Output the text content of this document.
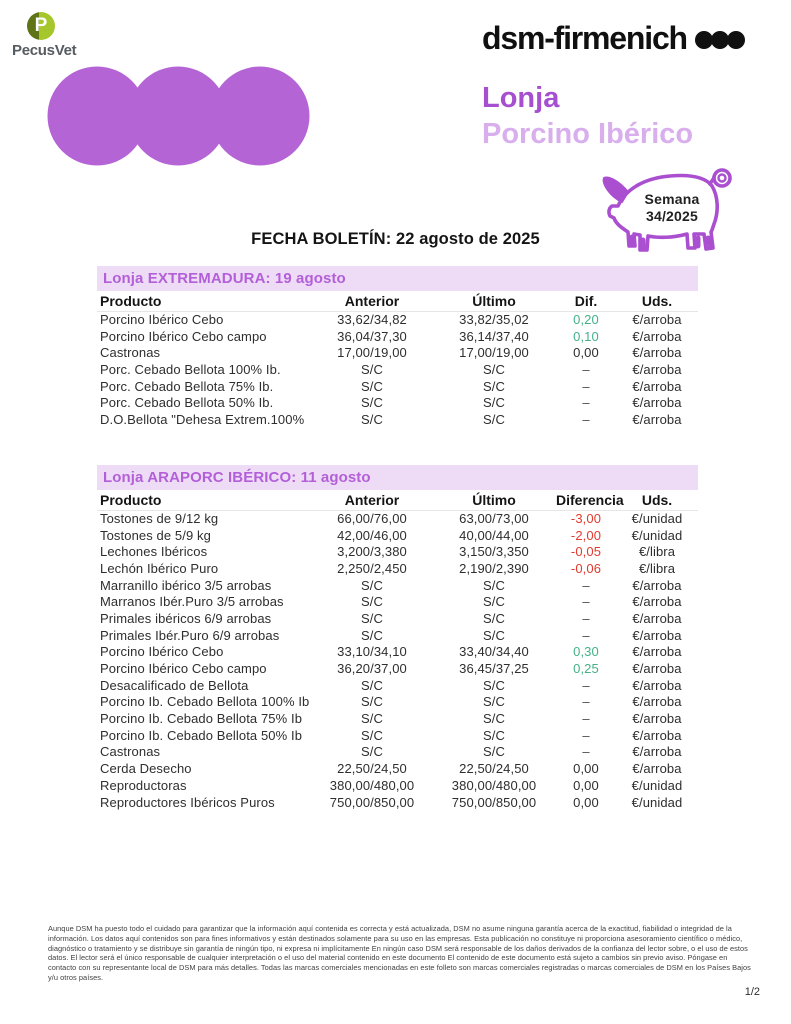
P
PecusVet	dsm-firmenich
Lonja
Porcino Ibérico
Semana
34/2025
FECHA BOLETÍN: 22 agosto de 2025
Lonja EXTREMADURA: 19 agosto
Producto	Anterior	Último	Dif.	Uds.
Porcino Ibérico Cebo	33,62/34,82	33,82/35,02	0,20	€/arroba
Porcino Ibérico Cebo campo	36,04/37,30	36,14/37,40	0,10	€/arroba
Castronas	17,00/19,00	17,00/19,00	0,00	€/arroba
Porc. Cebado Bellota 100% Ib.	S/C	S/C	–	€/arroba
Porc. Cebado Bellota 75% Ib.	S/C	S/C	–	€/arroba
Porc. Cebado Bellota 50% Ib.	S/C	S/C	–	€/arroba
D.O.Bellota "Dehesa Extrem.100%	S/C	S/C	–	€/arroba
Lonja ARAPORC IBÉRICO: 11 agosto
Producto	Anterior	Último	Diferencia	Uds.
Tostones de 9/12 kg	66,00/76,00	63,00/73,00	-3,00	€/unidad
Tostones de 5/9 kg	42,00/46,00	40,00/44,00	-2,00	€/unidad
Lechones Ibéricos	3,200/3,380	3,150/3,350	-0,05	€/libra
Lechón Ibérico Puro	2,250/2,450	2,190/2,390	-0,06	€/libra
Marranillo ibérico 3/5 arrobas	S/C	S/C	–	€/arroba
Marranos Ibér.Puro 3/5 arrobas	S/C	S/C	–	€/arroba
Primales ibéricos 6/9 arrobas	S/C	S/C	–	€/arroba
Primales Ibér.Puro 6/9 arrobas	S/C	S/C	–	€/arroba
Porcino Ibérico Cebo	33,10/34,10	33,40/34,40	0,30	€/arroba
Porcino Ibérico Cebo campo	36,20/37,00	36,45/37,25	0,25	€/arroba
Desacalificado de Bellota	S/C	S/C	–	€/arroba
Porcino Ib. Cebado Bellota 100% Ib	S/C	S/C	–	€/arroba
Porcino Ib. Cebado Bellota 75% Ib	S/C	S/C	–	€/arroba
Porcino Ib. Cebado Bellota 50% Ib	S/C	S/C	–	€/arroba
Castronas	S/C	S/C	–	€/arroba
Cerda Desecho	22,50/24,50	22,50/24,50	0,00	€/arroba
Reproductoras	380,00/480,00	380,00/480,00	0,00	€/unidad
Reproductores Ibéricos Puros	750,00/850,00	750,00/850,00	0,00	€/unidad
Aunque DSM ha puesto todo el cuidado para garantizar que la información aquí contenida es correcta y está actualizada, DSM no asume ninguna garantía acerca de la exactitud, fiabilidad o integridad de la información. Los datos aquí contenidos son para fines informativos y están destinados solamente para su uso en las empresas. Esta publicación no constituye ni proporciona asesoramiento científico o médico, diagnóstico o tratamiento y se distribuye sin garantía de ningún tipo, ni expresa ni implícitamente En ningún caso DSM será responsable de los daños derivados de la confianza del lector sobre, o el uso de estos datos. El lector será el único responsable de cualquier interpretación o el uso del material contenido en este documento El contenido de este documento está sujeto a cambios sin previo aviso. Póngase en contacto con su representante local de DSM para más detalles. Todas las marcas comerciales mencionadas en este folleto son marcas comerciales registradas o marcas comerciales de DSM en los Países Bajos y/u otros países.
1/2
